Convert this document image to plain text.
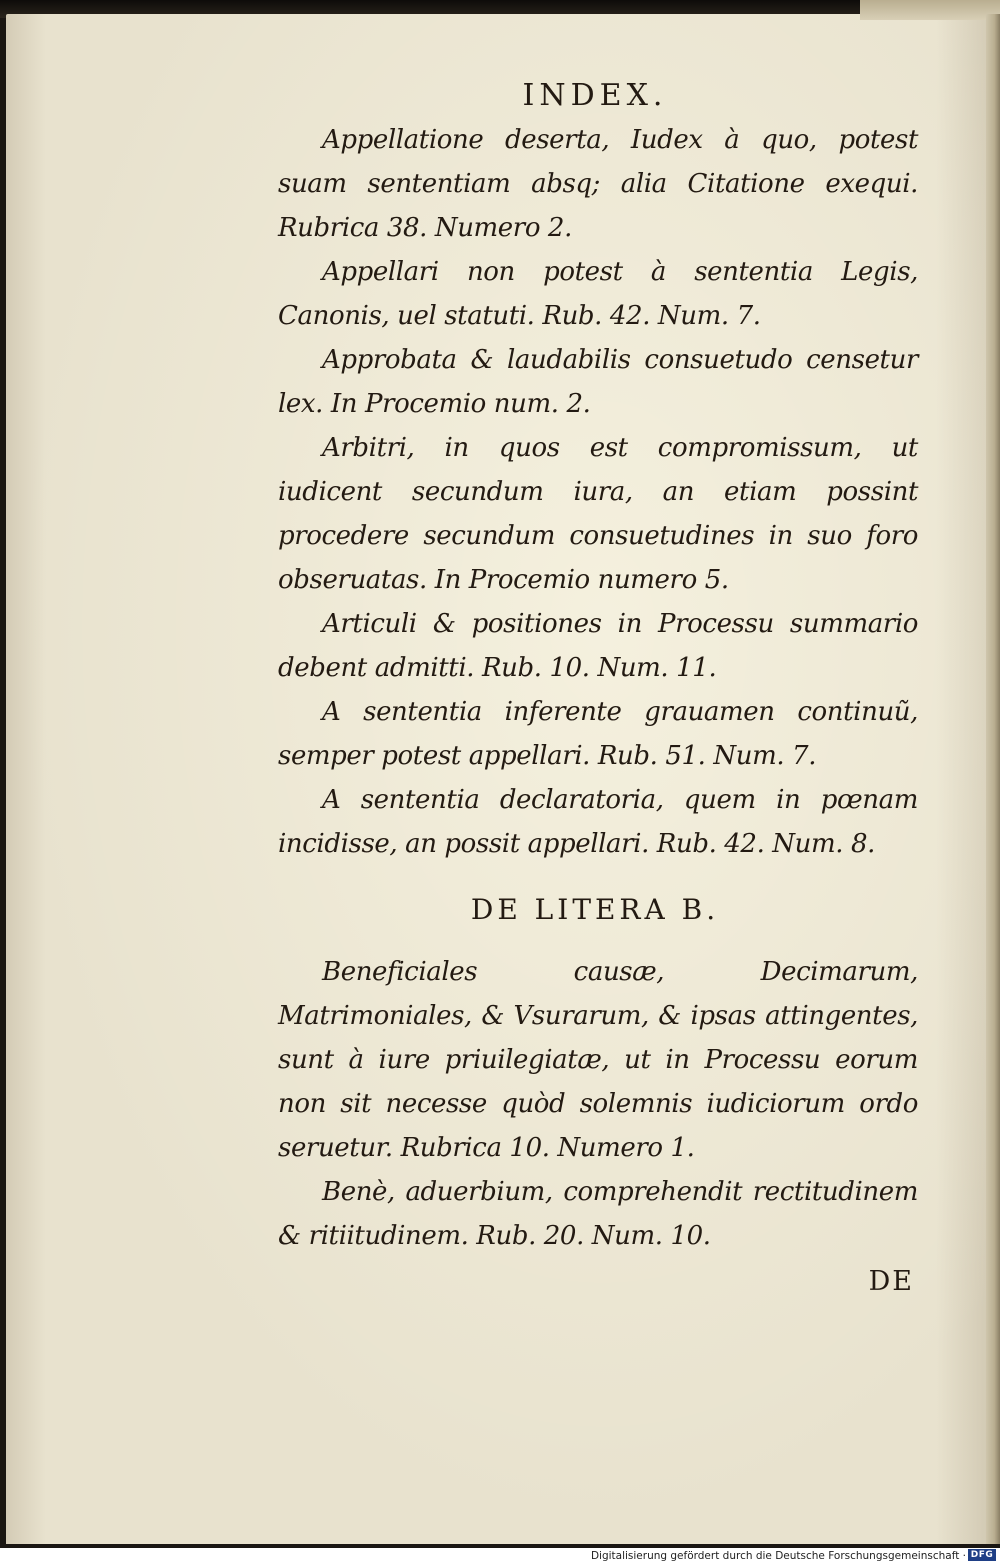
INDEX.

Appellatione deserta, Iudex à quo, potest suam sententiam absq; alia Citatione exequi. Rubrica 38. Numero 2.

Appellari non potest à sententia Legis, Canonis, uel statuti. Rub. 42. Num. 7.

Approbata & laudabilis consuetudo censetur lex. In Procemio num. 2.

Arbitri, in quos est compromissum, ut iudicent secundum iura, an etiam possint procedere secundum consuetudines in suo foro obseruatas. In Procemio numero 5.

Articuli & positiones in Processu summario debent admitti. Rub. 10. Num. 11.

A sententia inferente grauamen continuũ, semper potest appellari. Rub. 51. Num. 7.

A sententia declaratoria, quem in pœnam incidisse, an possit appellari. Rub. 42. Num. 8.

DE LITERA B.

Beneficiales causæ, Decimarum, Matrimoniales, & Vsurarum, & ipsas attingentes, sunt à iure priuilegiatæ, ut in Processu eorum non sit necesse quòd solemnis iudiciorum ordo seruetur. Rubrica 10. Numero 1.

Benè, aduerbium, comprehendit rectitudinem & ritiitudinem. Rub. 20. Num. 10.

DE
Digitalisierung gefördert durch die Deutsche Forschungsgemeinschaft · DFG
